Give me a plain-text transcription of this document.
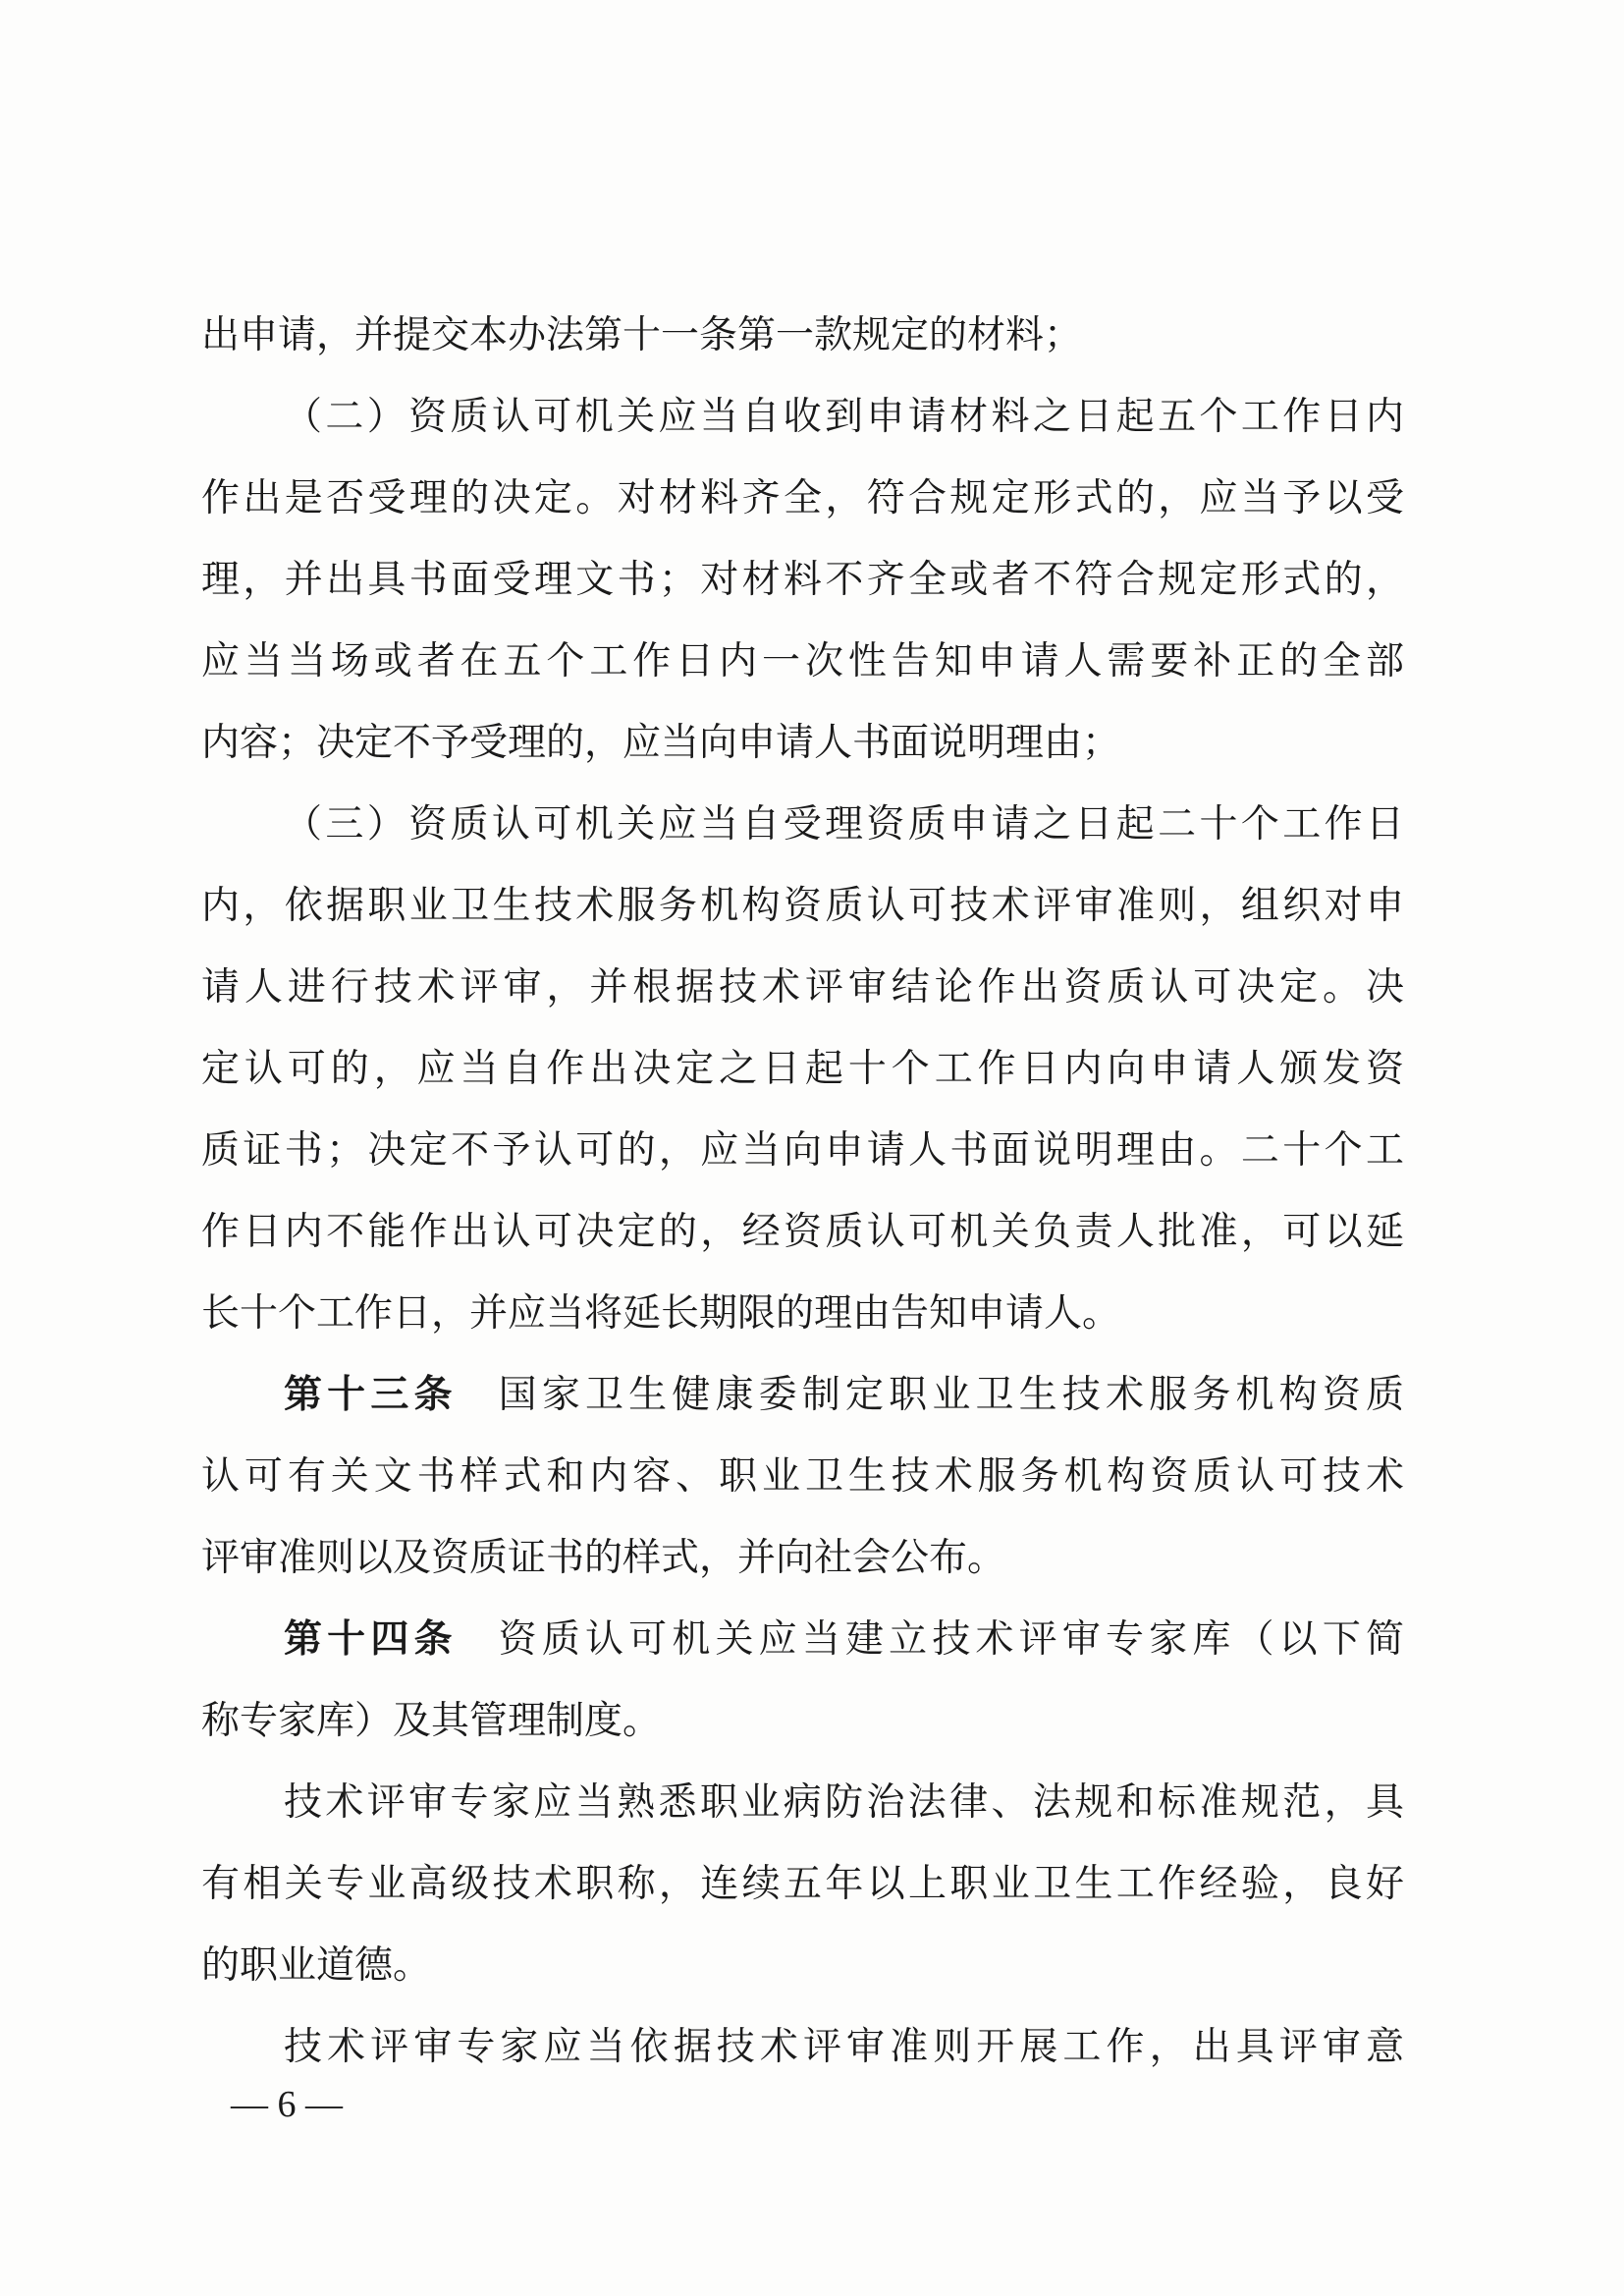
出申请，并提交本办法第十一条第一款规定的材料；
（二）资质认可机关应当自收到申请材料之日起五个工作日内
作出是否受理的决定。对材料齐全，符合规定形式的，应当予以受
理，并出具书面受理文书；对材料不齐全或者不符合规定形式的，
应当当场或者在五个工作日内一次性告知申请人需要补正的全部
内容；决定不予受理的，应当向申请人书面说明理由；
（三）资质认可机关应当自受理资质申请之日起二十个工作日
内，依据职业卫生技术服务机构资质认可技术评审准则，组织对申
请人进行技术评审，并根据技术评审结论作出资质认可决定。决
定认可的，应当自作出决定之日起十个工作日内向申请人颁发资
质证书；决定不予认可的，应当向申请人书面说明理由。二十个工
作日内不能作出认可决定的，经资质认可机关负责人批准，可以延
长十个工作日，并应当将延长期限的理由告知申请人。
第十三条 国家卫生健康委制定职业卫生技术服务机构资质
认可有关文书样式和内容、职业卫生技术服务机构资质认可技术
评审准则以及资质证书的样式，并向社会公布。
第十四条 资质认可机关应当建立技术评审专家库（以下简
称专家库）及其管理制度。
技术评审专家应当熟悉职业病防治法律、法规和标准规范，具
有相关专业高级技术职称，连续五年以上职业卫生工作经验，良好
的职业道德。
技术评审专家应当依据技术评审准则开展工作，出具评审意
— 6 —
